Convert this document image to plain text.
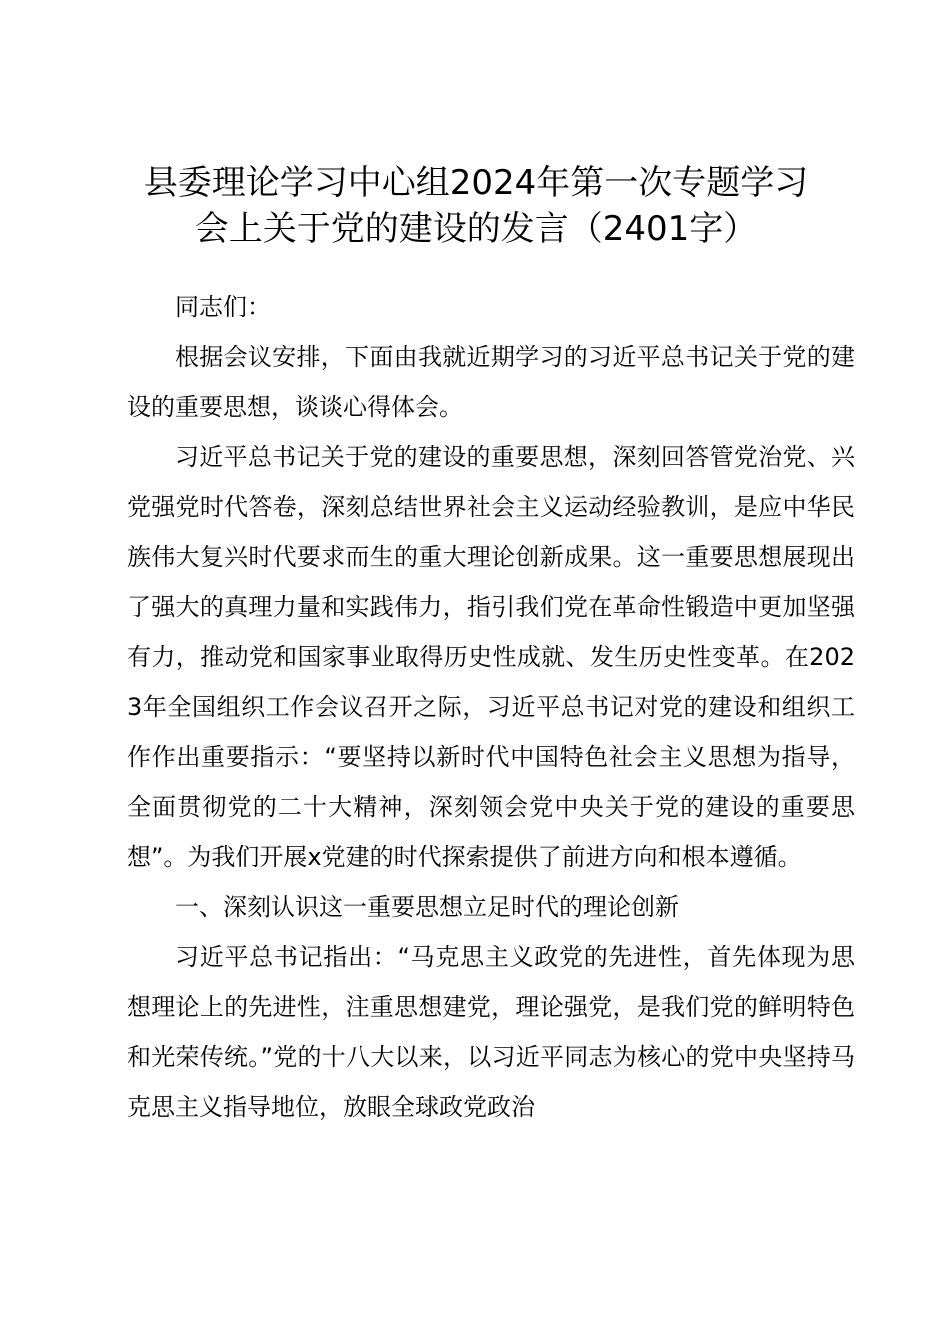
县委理论学习中心组2024年第一次专题学习
会上关于党的建设的发言（2401字）

同志们：

根据会议安排，下面由我就近期学习的习近平总书记关于党的建设的重要思想，谈谈心得体会。

习近平总书记关于党的建设的重要思想，深刻回答管党治党、兴党强党时代答卷，深刻总结世界社会主义运动经验教训，是应中华民族伟大复兴时代要求而生的重大理论创新成果。这一重要思想展现出了强大的真理力量和实践伟力，指引我们党在革命性锻造中更加坚强有力，推动党和国家事业取得历史性成就、发生历史性变革。在2023年全国组织工作会议召开之际，习近平总书记对党的建设和组织工作作出重要指示：“要坚持以新时代中国特色社会主义思想为指导，全面贯彻党的二十大精神，深刻领会党中央关于党的建设的重要思想”。为我们开展x党建的时代探索提供了前进方向和根本遵循。

一、深刻认识这一重要思想立足时代的理论创新

习近平总书记指出：“马克思主义政党的先进性，首先体现为思想理论上的先进性，注重思想建党，理论强党，是我们党的鲜明特色和光荣传统。”党的十八大以来，以习近平同志为核心的党中央坚持马克思主义指导地位，放眼全球政党政治
